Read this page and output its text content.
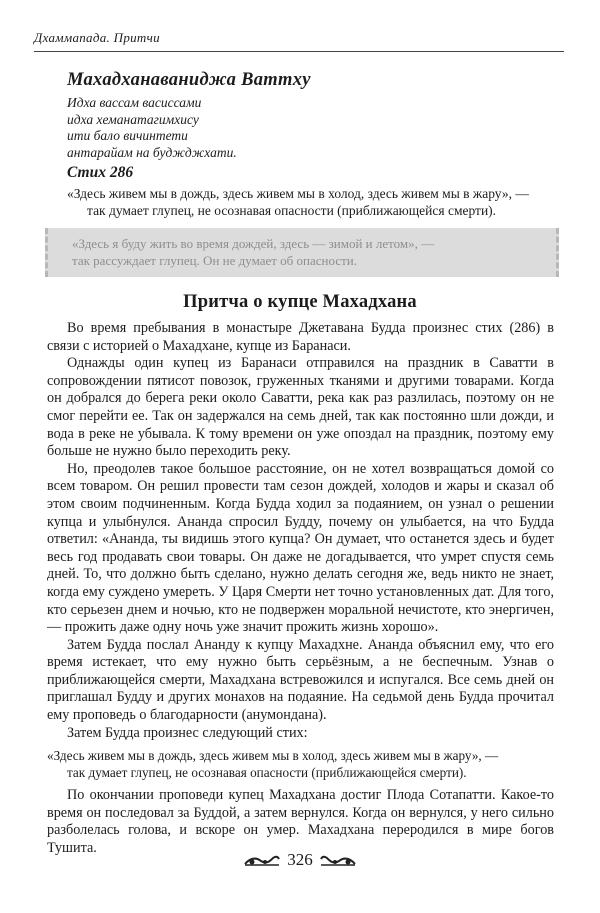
Дхаммапада. Притчи
Махадханаваниджа Ваттху
Идха вассам васиссами
идха хеманатагимхису
ити бало вичинтети
антарайам на буджджхати.
Стих 286
«Здесь живем мы в дождь, здесь живем мы в холод, здесь живем мы в жару», —
так думает глупец, не осознавая опасности (приближающейся смерти).
«Здесь я буду жить во время дождей, здесь — зимой и летом», —
так рассуждает глупец. Он не думает об опасности.
Притча о купце Махадхана

Во время пребывания в монастыре Джетавана Будда произнес стих (286) в связи с историей о Махадхане, купце из Баранаси.

Однажды один купец из Баранаси отправился на праздник в Саватти в сопровождении пятисот повозок, груженных тканями и другими товарами. Когда он добрался до берега реки около Саватти, река как раз разлилась, поэтому он не смог перейти ее. Так он задержался на семь дней, так как постоянно шли дожди, и вода в реке не убывала. К тому времени он уже опоздал на праздник, поэтому ему больше не нужно было переходить реку.

Но, преодолев такое большое расстояние, он не хотел возвращаться домой со всем товаром. Он решил провести там сезон дождей, холодов и жары и сказал об этом своим подчиненным. Когда Будда ходил за подаянием, он узнал о решении купца и улыбнулся. Ананда спросил Будду, почему он улыбается, на что Будда ответил: «Ананда, ты видишь этого купца? Он думает, что останется здесь и будет весь год продавать свои товары. Он даже не догадывается, что умрет спустя семь дней. То, что должно быть сделано, нужно делать сегодня же, ведь никто не знает, когда ему суждено умереть. У Царя Смерти нет точно установленных дат. Для того, кто серьезен днем и ночью, кто не подвержен моральной нечистоте, кто энергичен, — прожить даже одну ночь уже значит прожить жизнь хорошо».

Затем Будда послал Ананду к купцу Махадхне. Ананда объяснил ему, что его время истекает, что ему нужно быть серьёзным, а не беспечным. Узнав о приближающейся смерти, Махадхана встревожился и испугался. Все семь дней он приглашал Будду и других монахов на подаяние. На седьмой день Будда прочитал ему проповедь о благодарности (анумондана).

Затем Будда произнес следующий стих:

«Здесь живем мы в дождь, здесь живем мы в холод, здесь живем мы в жару», —
так думает глупец, не осознавая опасности (приближающейся смерти).

По окончании проповеди купец Махадхана достиг Плода Сотапатти. Какое-то время он последовал за Буддой, а затем вернулся. Когда он вернулся, у него сильно разболелась голова, и вскоре он умер. Махадхана переродился в мире богов Тушита.

326
